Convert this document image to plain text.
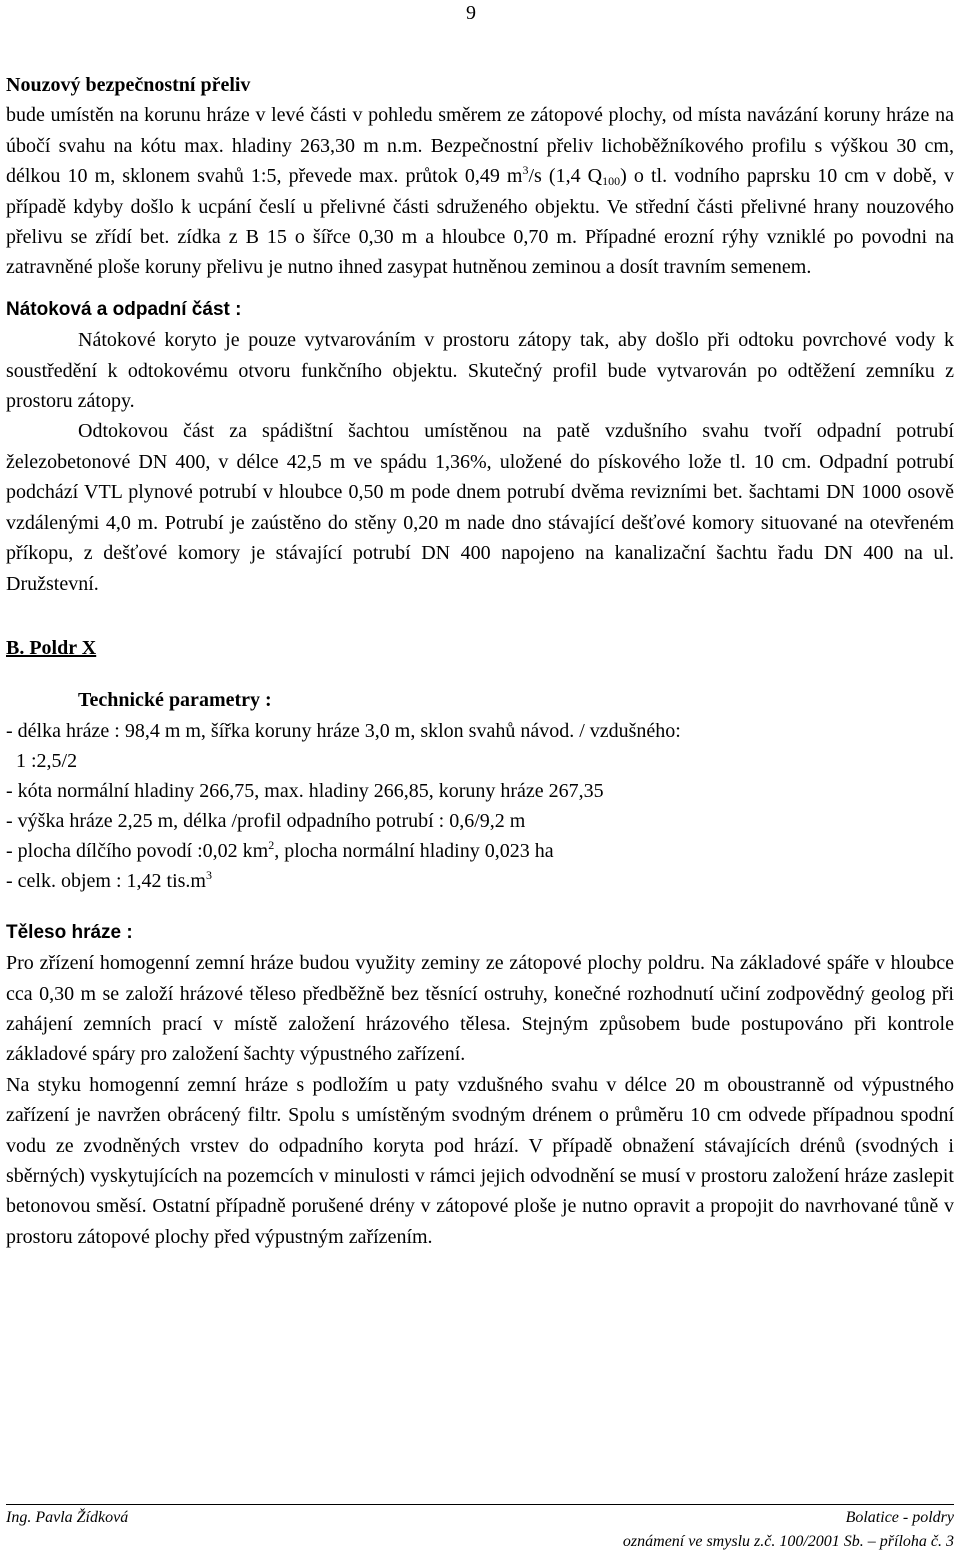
9

Nouzový bezpečnostní přeliv

bude umístěn na korunu hráze v levé části v pohledu směrem ze zátopové plochy, od místa navázání koruny hráze na úbočí svahu na kótu max. hladiny 263,30 m n.m. Bezpečnostní přeliv lichoběžníkového profilu s výškou 30 cm, délkou 10 m, sklonem svahů 1:5, převede max. průtok 0,49 $m^3/s$ (1,4 $Q_{100}$) o tl. vodního paprsku 10 cm v době, v případě kdyby došlo k ucpání česlí u přelivné části sdruženého objektu. Ve střední části přelivné hrany nouzového přelivu se zřídí bet. zídka z B 15 o šířce 0,30 m a hloubce 0,70 m. Případné erozní rýhy vzniklé po povodni na zatravněné ploše koruny přelivu je nutno ihned zasypat hutněnou zeminou a dosít travním semenem.

Nátoková a odpadní část :

Nátokové koryto je pouze vytvarováním v prostoru zátopy tak, aby došlo při odtoku povrchové vody k soustředění k odtokovému otvoru funkčního objektu. Skutečný profil bude vytvarován po odtěžení zemníku z prostoru zátopy.

Odtokovou část za spádištní šachtou umístěnou na patě vzdušního svahu tvoří odpadní potrubí železobetonové DN 400, v délce 42,5 m ve spádu 1,36%, uložené do pískového lože tl. 10 cm. Odpadní potrubí podchází VTL plynové potrubí v hloubce 0,50 m pode dnem potrubí dvěma revizními bet. šachtami DN 1000 osově vzdálenými 4,0 m. Potrubí je zaústěno do stěny 0,20 m nade dno stávající dešťové komory situované na otevřeném příkopu, z dešťové komory je stávající potrubí DN 400 napojeno na kanalizační šachtu řadu DN 400 na ul. Družstevní.

B. Poldr X

Technické parametry :

- délka hráze : 98,4 m m, šířka koruny hráze 3,0 m, sklon svahů návod. / vzdušného:

1 :2,5/2

- kóta normální hladiny 266,75, max. hladiny 266,85, koruny hráze 267,35

- výška hráze 2,25 m, délka /profil odpadního potrubí : 0,6/9,2 m

- plocha dílčího povodí :0,02 $km^2$, plocha normální hladiny 0,023 ha

- celk. objem : 1,42 $tis.m^3$

Těleso hráze :

Pro zřízení homogenní zemní hráze budou využity zeminy ze zátopové plochy poldru. Na základové spáře v hloubce cca 0,30 m se založí hrázové těleso předběžně bez těsnící ostruhy, konečné rozhodnutí učiní zodpovědný geolog při zahájení zemních prací v místě založení hrázového tělesa. Stejným způsobem bude postupováno při kontrole základové spáry pro založení šachty výpustného zařízení.

Na styku homogenní zemní hráze s podložím u paty vzdušného svahu v délce 20 m oboustranně od výpustného zařízení je navržen obrácený filtr. Spolu s umístěným svodným drénem o průměru 10 cm odvede případnou spodní vodu ze zvodněných vrstev do odpadního koryta pod hrází. V případě obnažení stávajících drénů (svodných i sběrných) vyskytujících na pozemcích v minulosti v rámci jejich odvodnění se musí v prostoru založení hráze zaslepit betonovou směsí. Ostatní případně porušené drény v zátopové ploše je nutno opravit a propojit do navrhované tůně v prostoru zátopové plochy před výpustným zařízením.

Ing. Pavla Žídková	Bolatice - poldry
oznámení ve smyslu z.č. 100/2001 Sb. – příloha č. 3
